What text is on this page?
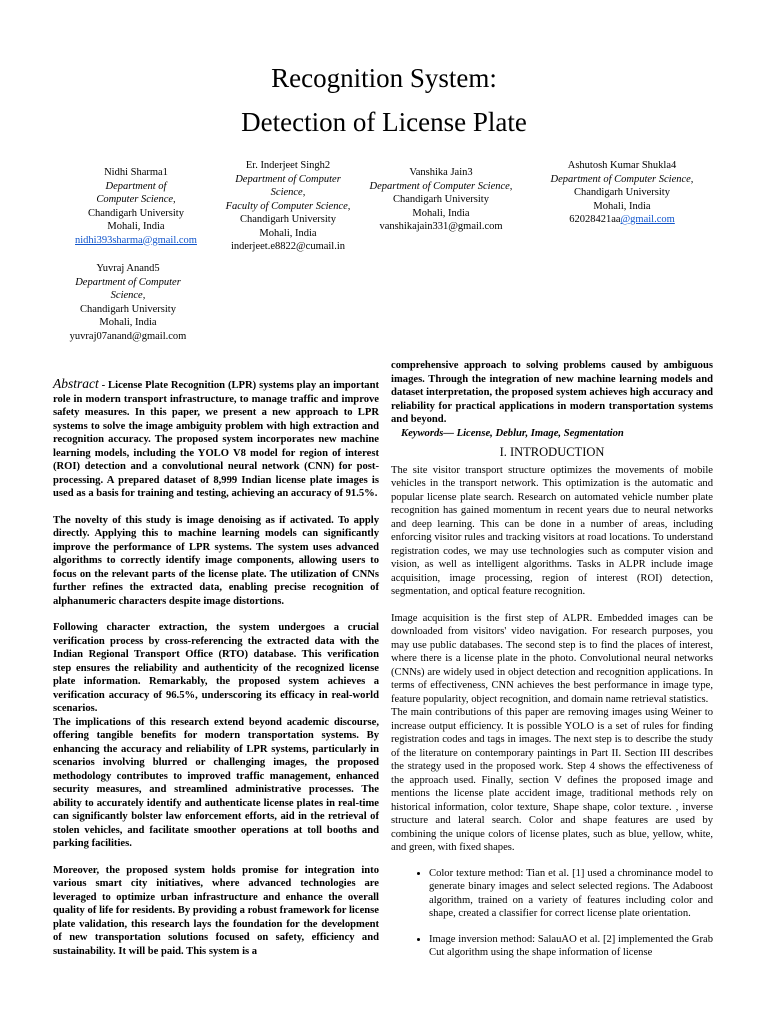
Recognition System:
Detection of License Plate
Nidhi Sharma1
Department of Computer Science,
Chandigarh University
Mohali, India
nidhi393sharma@gmail.com
Er. Inderjeet Singh2
Department of Computer Science,
Faculty of Computer Science,
Chandigarh University
Mohali, India
inderjeet.e8822@cumail.in
Vanshika Jain3
Department of Computer Science,
Chandigarh University
Mohali, India
vanshikajain331@gmail.com
Ashutosh Kumar Shukla4
Department of Computer Science,
Chandigarh University
Mohali, India
62028421aa@gmail.com
Yuvraj Anand5
Department of Computer Science,
Chandigarh University
Mohali, India
yuvraj07anand@gmail.com

Abstract - License Plate Recognition (LPR) systems play an important role in modern transport infrastructure, to manage traffic and improve safety measures. In this paper, we present a new approach to LPR systems to solve the image ambiguity problem with high extraction and recognition accuracy. The proposed system incorporates new machine learning models, including the YOLO V8 model for region of interest (ROI) detection and a convolutional neural network (CNN) for post-processing. A prepared dataset of 8,999 Indian license plate images is used as a basis for training and testing, achieving an accuracy of 91.5%.

The novelty of this study is image denoising as if activated. To apply directly. Applying this to machine learning models can significantly improve the performance of LPR systems. The system uses advanced algorithms to correctly identify image components, allowing users to focus on the relevant parts of the license plate. The utilization of CNNs further refines the extracted data, enabling precise recognition of alphanumeric characters despite image distortions.

Following character extraction, the system undergoes a crucial verification process by cross-referencing the extracted data with the Indian Regional Transport Office (RTO) database. This verification step ensures the reliability and authenticity of the recognized license plate information. Remarkably, the proposed system achieves a verification accuracy of 96.5%, underscoring its efficacy in real-world scenarios.

The implications of this research extend beyond academic discourse, offering tangible benefits for modern transportation systems. By enhancing the accuracy and reliability of LPR systems, particularly in scenarios involving blurred or challenging images, the proposed methodology contributes to improved traffic management, enhanced security measures, and streamlined administrative processes. The ability to accurately identify and authenticate license plates in real-time can significantly bolster law enforcement efforts, aid in the retrieval of stolen vehicles, and facilitate smoother operations at toll booths and parking facilities.

Moreover, the proposed system holds promise for integration into various smart city initiatives, where advanced technologies are leveraged to optimize urban infrastructure and enhance the overall quality of life for residents. By providing a robust framework for license plate validation, this research lays the foundation for the development of new transportation solutions focused on safety, efficiency and sustainability. It will be paid. This system is a

comprehensive approach to solving problems caused by ambiguous images. Through the integration of new machine learning models and dataset interpretation, the proposed system achieves high accuracy and reliability for practical applications in modern transportation systems and beyond.

Keywords— License, Deblur, Image, Segmentation

I. INTRODUCTION

The site visitor transport structure optimizes the movements of mobile vehicles in the transport network. This optimization is the automatic and popular license plate search. Research on automated vehicle number plate recognition has gained momentum in recent years due to neural networks and deep learning. This can be done in a number of areas, including enforcing visitor rules and tracking visitors at road locations. To understand registration codes, we may use technologies such as computer vision and vision, as well as intelligent algorithms. Tasks in ALPR include image acquisition, image processing, region of interest (ROI) detection, segmentation, and optical feature recognition.

Image acquisition is the first step of ALPR. Embedded images can be downloaded from visitors' video navigation. For research purposes, you may use public databases. The second step is to find the places of interest, where there is a license plate in the photo. Convolutional neural networks (CNNs) are widely used in object detection and recognition applications. In terms of effectiveness, CNN achieves the best performance in image type, feature popularity, object recognition, and domain name retrieval statistics.

The main contributions of this paper are removing images using Weiner to increase output efficiency. It is possible YOLO is a set of rules for finding registration codes and tags in images. The next step is to describe the study of the literature on contemporary paintings in Part II. Section III describes the strategy used in the proposed work. Step 4 shows the effectiveness of the approach used. Finally, section V defines the proposed image and mentions the license plate accident image, traditional methods rely on historical information, color texture, Shape shape, color texture. , inverse structure and lateral search. Color and shape features are used by combining the unique colors of license plates, such as blue, yellow, white, and green, with fixed shapes.

• Color texture method: Tian et al. [1] used a chrominance model to generate binary images and select selected regions. The Adaboost algorithm, trained on a variety of features including color and shape, created a classifier for correct license plate orientation.
• Image inversion method: SalauAO et al. [2] implemented the Grab Cut algorithm using the shape information of license
